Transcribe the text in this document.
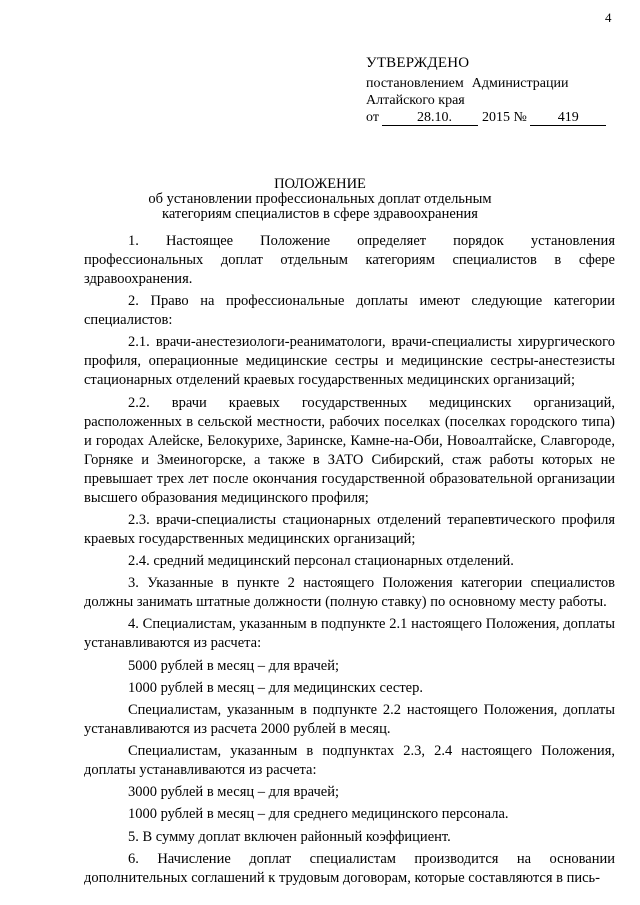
4
УТВЕРЖДЕНО
постановлением Администрации
Алтайского края
от	28.10. 2015 № 419
ПОЛОЖЕНИЕ
об установлении профессиональных доплат отдельным
категориям специалистов в сфере здравоохранения

1. Настоящее Положение определяет порядок установления профессиональных доплат отдельным категориям специалистов в сфере здравоохранения.

2. Право на профессиональные доплаты имеют следующие категории специалистов:

2.1. врачи-анестезиологи-реаниматологи, врачи-специалисты хирургического профиля, операционные медицинские сестры и медицинские сестры-анестезисты стационарных отделений краевых государственных медицинских организаций;

2.2. врачи краевых государственных медицинских организаций, расположенных в сельской местности, рабочих поселках (поселках городского типа) и городах Алейске, Белокурихе, Заринске, Камне-на-Оби, Новоалтайске, Славгороде, Горняке и Змеиногорске, а также в ЗАТО Сибирский, стаж работы которых не превышает трех лет после окончания государственной образовательной организации высшего образования медицинского профиля;

2.3. врачи-специалисты стационарных отделений терапевтического профиля краевых государственных медицинских организаций;

2.4. средний медицинский персонал стационарных отделений.

3. Указанные в пункте 2 настоящего Положения категории специалистов должны занимать штатные должности (полную ставку) по основному месту работы.

4. Специалистам, указанным в подпункте 2.1 настоящего Положения, доплаты устанавливаются из расчета:

5000 рублей в месяц – для врачей;

1000 рублей в месяц – для медицинских сестер.

Специалистам, указанным в подпункте 2.2 настоящего Положения, доплаты устанавливаются из расчета 2000 рублей в месяц.

Специалистам, указанным в подпунктах 2.3, 2.4 настоящего Положения, доплаты устанавливаются из расчета:

3000 рублей в месяц – для врачей;

1000 рублей в месяц – для среднего медицинского персонала.

5. В сумму доплат включен районный коэффициент.

6. Начисление доплат специалистам производится на основании дополнительных соглашений к трудовым договорам, которые составляются в пись-
